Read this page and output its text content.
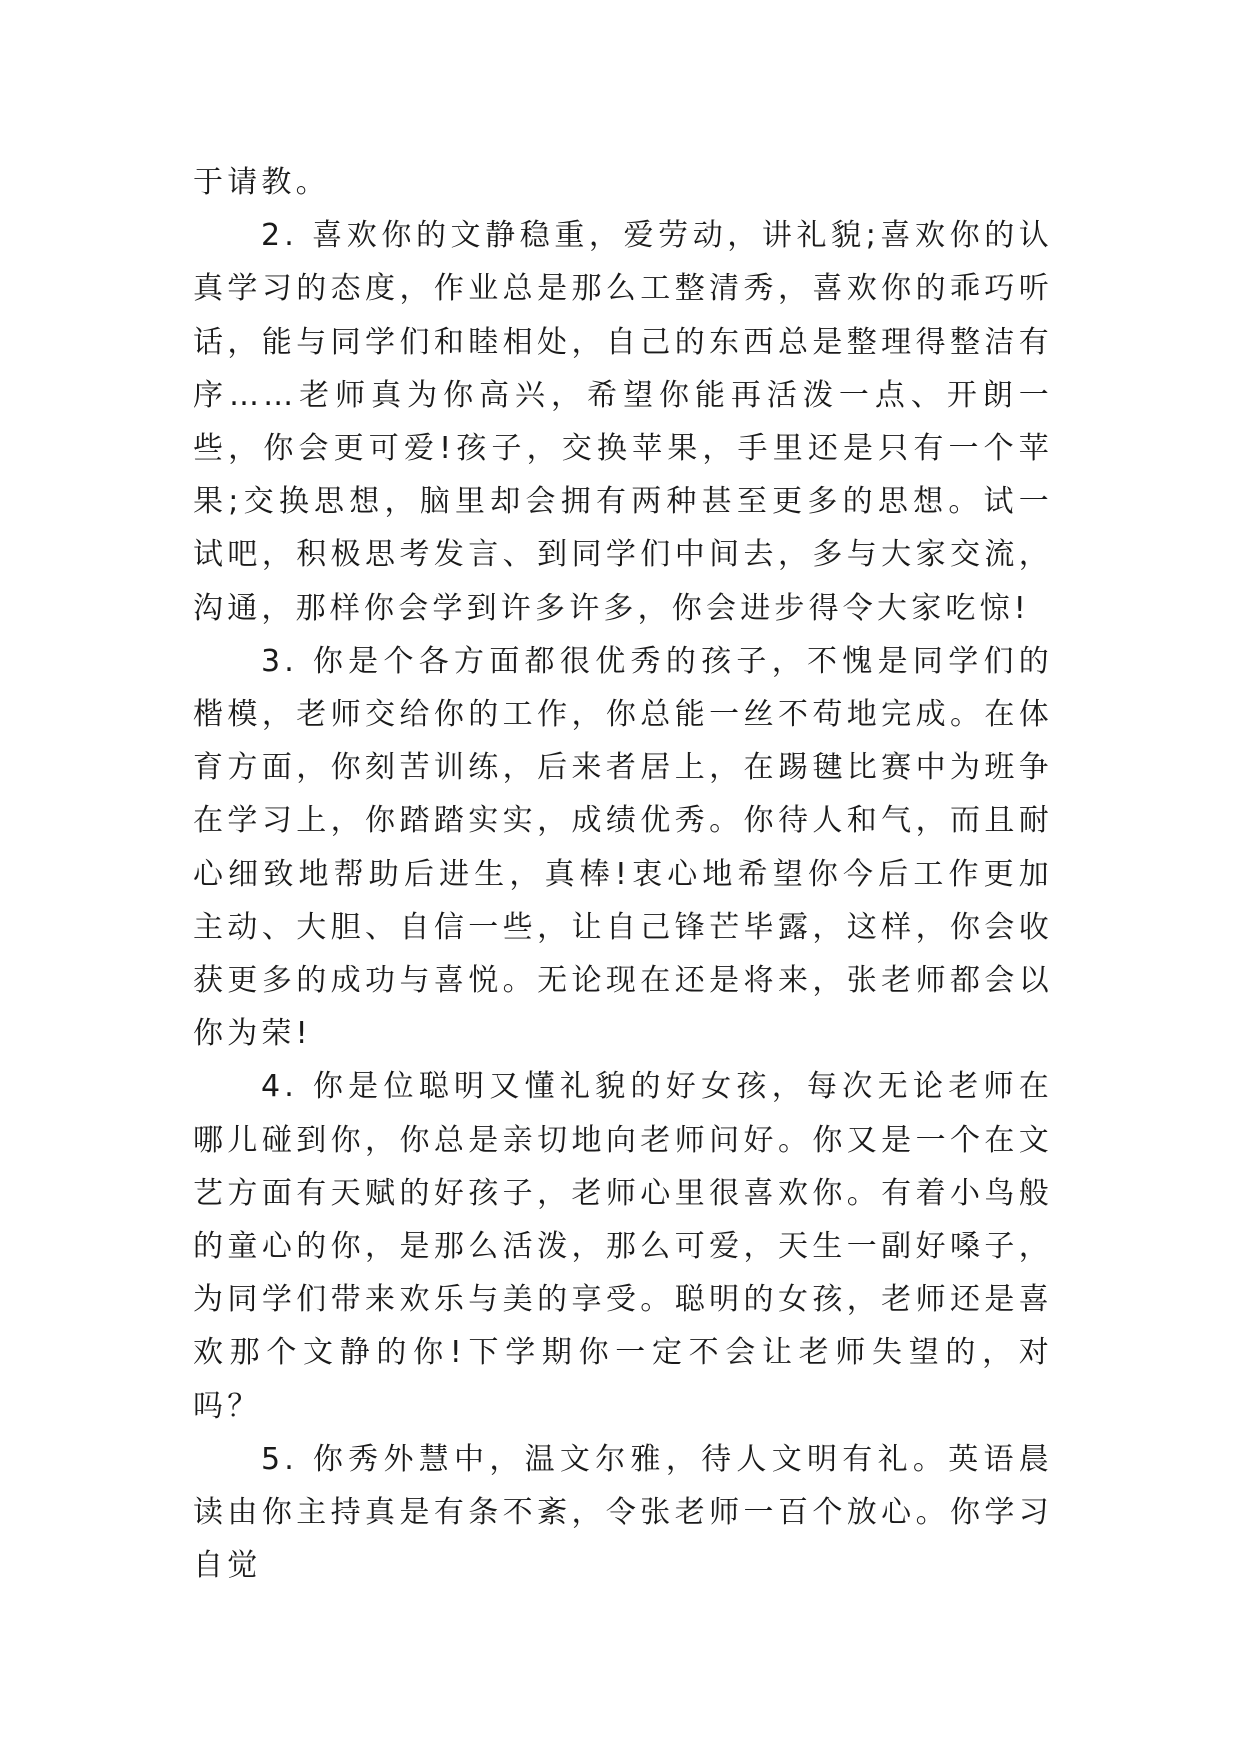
于请教。

2. 喜欢你的文静稳重，爱劳动，讲礼貌;喜欢你的认真学习的态度，作业总是那么工整清秀，喜欢你的乖巧听话，能与同学们和睦相处，自己的东西总是整理得整洁有序……老师真为你高兴，希望你能再活泼一点、开朗一些，你会更可爱!孩子，交换苹果，手里还是只有一个苹果;交换思想，脑里却会拥有两种甚至更多的思想。试一试吧，积极思考发言、到同学们中间去，多与大家交流，沟通，那样你会学到许多许多，你会进步得令大家吃惊!

3. 你是个各方面都很优秀的孩子，不愧是同学们的楷模，老师交给你的工作，你总能一丝不苟地完成。在体育方面，你刻苦训练，后来者居上，在踢毽比赛中为班争在学习上，你踏踏实实，成绩优秀。你待人和气，而且耐心细致地帮助后进生，真棒!衷心地希望你今后工作更加主动、大胆、自信一些，让自己锋芒毕露，这样，你会收获更多的成功与喜悦。无论现在还是将来，张老师都会以你为荣!

4. 你是位聪明又懂礼貌的好女孩，每次无论老师在哪儿碰到你，你总是亲切地向老师问好。你又是一个在文艺方面有天赋的好孩子，老师心里很喜欢你。有着小鸟般的童心的你，是那么活泼，那么可爱，天生一副好嗓子，为同学们带来欢乐与美的享受。聪明的女孩，老师还是喜欢那个文静的你!下学期你一定不会让老师失望的，对吗？

5. 你秀外慧中，温文尔雅，待人文明有礼。英语晨读由你主持真是有条不紊，令张老师一百个放心。你学习自觉
